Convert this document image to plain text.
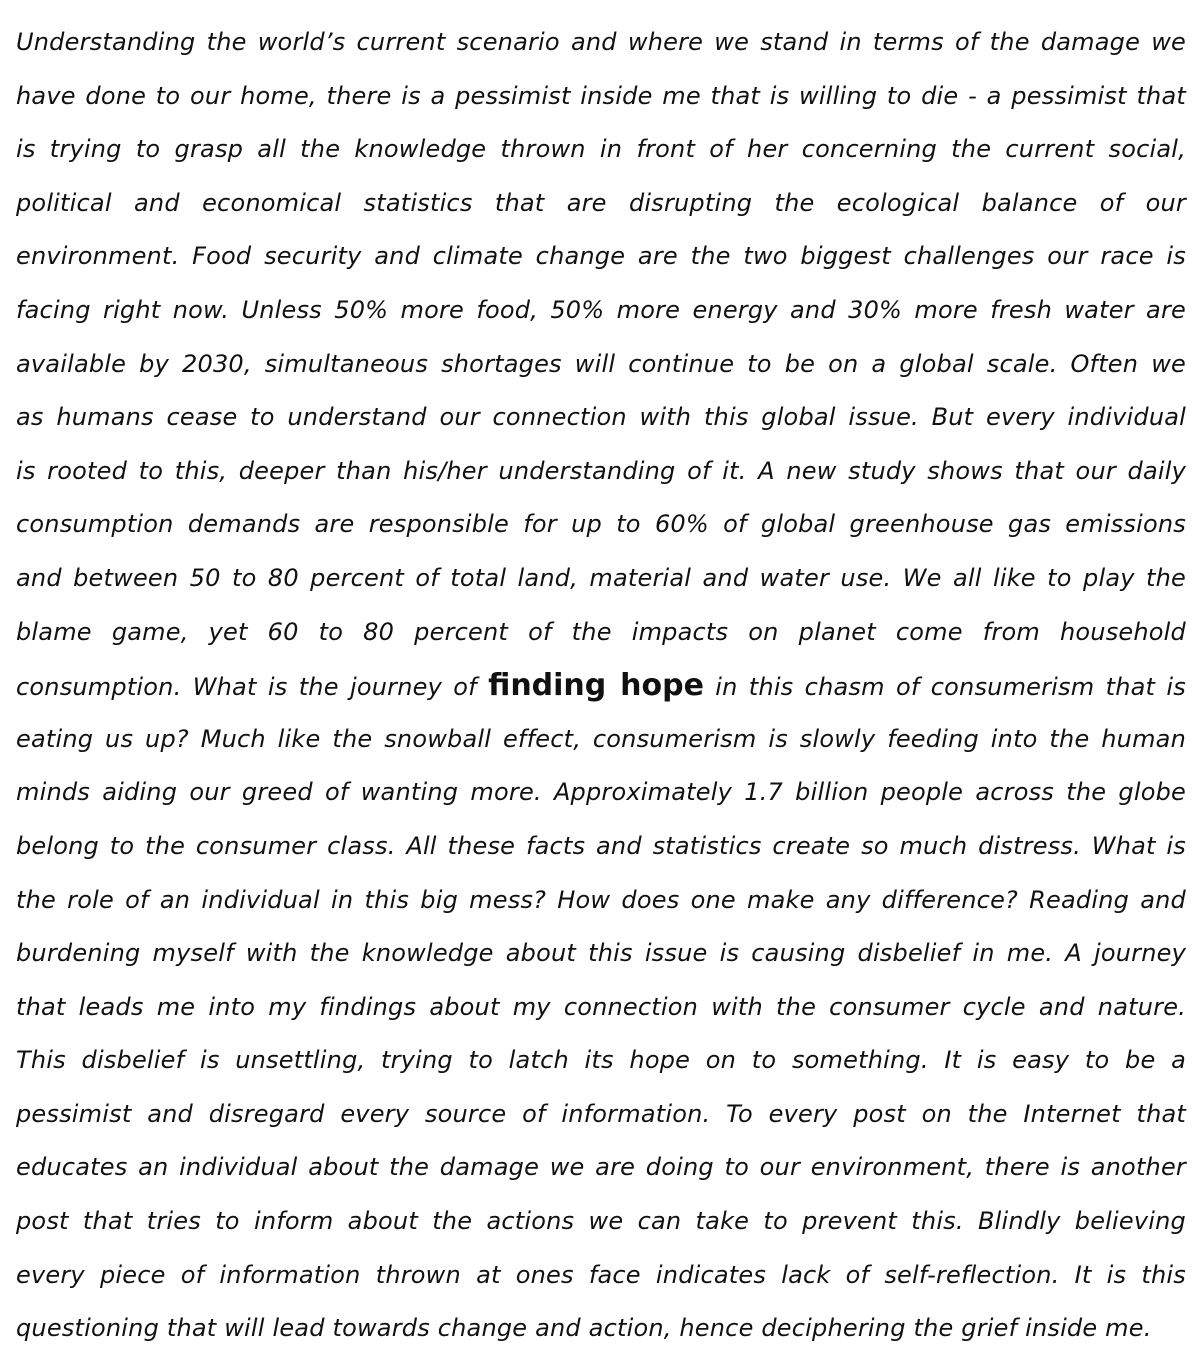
Understanding the world’s current scenario and where we stand in terms of the damage we
have done to our home, there is a pessimist inside me that is willing to die - a pessimist that
is trying to grasp all the knowledge thrown in front of her concerning the current social,
political and economical statistics that are disrupting the ecological balance of our
environment. Food security and climate change are the two biggest challenges our race is
facing right now. Unless 50% more food, 50% more energy and 30% more fresh water are
available by 2030, simultaneous shortages will continue to be on a global scale. Often we
as humans cease to understand our connection with this global issue. But every individual
is rooted to this, deeper than his/her understanding of it. A new study shows that our daily
consumption demands are responsible for up to 60% of global greenhouse gas emissions
and between 50 to 80 percent of total land, material and water use. We all like to play the
blame game, yet 60 to 80 percent of the impacts on planet come from household
consumption. What is the journey of finding hope in this chasm of consumerism that is
eating us up? Much like the snowball effect, consumerism is slowly feeding into the human
minds aiding our greed of wanting more. Approximately 1.7 billion people across the globe
belong to the consumer class. All these facts and statistics create so much distress. What is
the role of an individual in this big mess? How does one make any difference? Reading and
burdening myself with the knowledge about this issue is causing disbelief in me. A journey
that leads me into my findings about my connection with the consumer cycle and nature.
This disbelief is unsettling, trying to latch its hope on to something. It is easy to be a
pessimist and disregard every source of information. To every post on the Internet that
educates an individual about the damage we are doing to our environment, there is another
post that tries to inform about the actions we can take to prevent this. Blindly believing
every piece of information thrown at ones face indicates lack of self-reflection. It is this
questioning that will lead towards change and action, hence deciphering the grief inside me.
